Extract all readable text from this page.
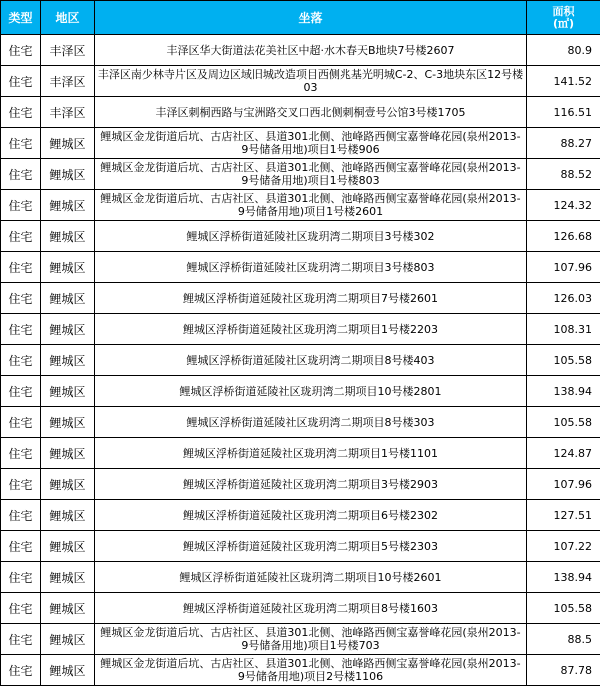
类型	地区	坐落	面积
(㎡)

住宅	丰泽区	丰泽区华大街道法花美社区中超·水木春天B地块7号楼2607	80.9
住宅	丰泽区	丰泽区南少林寺片区及周边区域旧城改造项目西侧兆基光明城C-2、C-3地块东区12号楼03	141.52
住宅	丰泽区	丰泽区刺桐西路与宝洲路交叉口西北侧刺桐壹号公馆3号楼1705	116.51
住宅	鲤城区	鲤城区金龙街道后坑、古店社区、县道301北侧、池峰路西侧宝嘉誉峰花园(泉州2013-9号储备用地)项目1号楼906	88.27
住宅	鲤城区	鲤城区金龙街道后坑、古店社区、县道301北侧、池峰路西侧宝嘉誉峰花园(泉州2013-9号储备用地)项目1号楼803	88.52
住宅	鲤城区	鲤城区金龙街道后坑、古店社区、县道301北侧、池峰路西侧宝嘉誉峰花园(泉州2013-9号储备用地)项目1号楼2601	124.32
住宅	鲤城区	鲤城区浮桥街道延陵社区珑玥湾二期项目3号楼302	126.68
住宅	鲤城区	鲤城区浮桥街道延陵社区珑玥湾二期项目3号楼803	107.96
住宅	鲤城区	鲤城区浮桥街道延陵社区珑玥湾二期项目7号楼2601	126.03
住宅	鲤城区	鲤城区浮桥街道延陵社区珑玥湾二期项目1号楼2203	108.31
住宅	鲤城区	鲤城区浮桥街道延陵社区珑玥湾二期项目8号楼403	105.58
住宅	鲤城区	鲤城区浮桥街道延陵社区珑玥湾二期项目10号楼2801	138.94
住宅	鲤城区	鲤城区浮桥街道延陵社区珑玥湾二期项目8号楼303	105.58
住宅	鲤城区	鲤城区浮桥街道延陵社区珑玥湾二期项目1号楼1101	124.87
住宅	鲤城区	鲤城区浮桥街道延陵社区珑玥湾二期项目3号楼2903	107.96
住宅	鲤城区	鲤城区浮桥街道延陵社区珑玥湾二期项目6号楼2302	127.51
住宅	鲤城区	鲤城区浮桥街道延陵社区珑玥湾二期项目5号楼2303	107.22
住宅	鲤城区	鲤城区浮桥街道延陵社区珑玥湾二期项目10号楼2601	138.94
住宅	鲤城区	鲤城区浮桥街道延陵社区珑玥湾二期项目8号楼1603	105.58
住宅	鲤城区	鲤城区金龙街道后坑、古店社区、县道301北侧、池峰路西侧宝嘉誉峰花园(泉州2013-9号储备用地)项目1号楼703	88.5
住宅	鲤城区	鲤城区金龙街道后坑、古店社区、县道301北侧、池峰路西侧宝嘉誉峰花园(泉州2013-9号储备用地)项目2号楼1106	87.78
